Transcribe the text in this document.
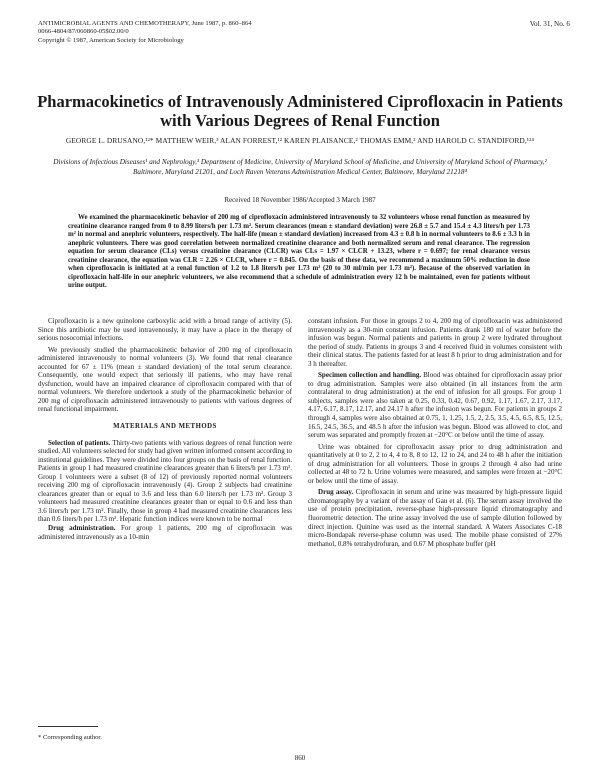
ANTIMICROBIAL AGENTS AND CHEMOTHERAPY, June 1987, p. 860–864
0066-4804/87/060860-05$02.00/0
Copyright © 1987, American Society for Microbiology
Vol. 31, No. 6
Pharmacokinetics of Intravenously Administered Ciprofloxacin in Patients with Various Degrees of Renal Function
GEORGE L. DRUSANO,¹²* MATTHEW WEIR,³ ALAN FORREST,¹² KAREN PLAISANCE,² THOMAS EMM,² AND HAROLD C. STANDIFORD,¹²⁴
Divisions of Infectious Diseases¹ and Nephrology,³ Department of Medicine, University of Maryland School of Medicine, and University of Maryland School of Pharmacy,² Baltimore, Maryland 21201, and Loch Raven Veterans Administration Medical Center, Baltimore, Maryland 21218⁴
Received 18 November 1986/Accepted 3 March 1987
We examined the pharmacokinetic behavior of 200 mg of ciprofloxacin administered intravenously to 32 volunteers whose renal function as measured by creatinine clearance ranged from 0 to 8.99 liters/h per 1.73 m². Serum clearances (mean ± standard deviation) were 26.8 ± 5.7 and 15.4 ± 4.3 liters/h per 1.73 m² in normal and anephric volunteers, respectively. The half-life (mean ± standard deviation) increased from 4.3 ± 0.8 h in normal volunteers to 8.6 ± 3.3 h in anephric volunteers. There was good correlation between normalized creatinine clearance and both normalized serum and renal clearance. The regression equation for serum clearance (CLs) versus creatinine clearance (CLCR) was CLs = 1.97 × CLCR + 13.23, where r = 0.697; for renal clearance versus creatinine clearance, the equation was CLR = 2.26 × CLCR, where r = 0.845. On the basis of these data, we recommend a maximum 50% reduction in dose when ciprofloxacin is initiated at a renal function of 1.2 to 1.8 liters/h per 1.73 m² (20 to 30 ml/min per 1.73 m²). Because of the observed variation in ciprofloxacin half-life in our anephric volunteers, we also recommend that a schedule of administration every 12 h be maintained, even for patients without urine output.

Ciprofloxacin is a new quinolone carboxylic acid with a broad range of activity (5). Since this antibiotic may be used intravenously, it may have a place in the therapy of serious nosocomial infections.

We previously studied the pharmacokinetic behavior of 200 mg of ciprofloxacin administered intravenously to normal volunteers (3). We found that renal clearance accounted for 67 ± 11% (mean ± standard deviation) of the total serum clearance. Consequently, one would expect that seriously ill patients, who may have renal dysfunction, would have an impaired clearance of ciprofloxacin compared with that of normal volunteers. We therefore undertook a study of the pharmacokinetic behavior of 200 mg of ciprofloxacin administered intravenously to patients with various degrees of renal functional impairment.

MATERIALS AND METHODS

Selection of patients. Thirty-two patients with various degrees of renal function were studied. All volunteers selected for study had given written informed consent according to institutional guidelines. They were divided into four groups on the basis of renal function. Patients in group 1 had measured creatinine clearances greater than 6 liters/h per 1.73 m². Group 1 volunteers were a subset (8 of 12) of previously reported normal volunteers receiving 200 mg of ciprofloxacin intravenously (4). Group 2 subjects had creatinine clearances greater than or equal to 3.6 and less than 6.0 liters/h per 1.73 m². Group 3 volunteers had measured creatinine clearances greater than or equal to 0.6 and less than 3.6 liters/h per 1.73 m². Finally, those in group 4 had measured creatinine clearances less than 0.6 liters/h per 1.73 m². Hepatic function indices were known to be normal

Drug administration. For group 1 patients, 200 mg of ciprofloxacin was administered intravenously as a 10-min

* Corresponding author.

constant infusion. For those in groups 2 to 4, 200 mg of ciprofloxacin was administered intravenously as a 30-min constant infusion. Patients drank 180 ml of water before the infusion was begun. Normal patients and patients in group 2 were hydrated throughout the period of study. Patients in groups 3 and 4 received fluid in volumes consistent with their clinical status. The patients fasted for at least 8 h prior to drug administration and for 3 h thereafter.

Specimen collection and handling. Blood was obtained for ciprofloxacin assay prior to drug administration. Samples were also obtained (in all instances from the arm contralateral to drug administration) at the end of infusion for all groups. For group 1 subjects, samples were also taken at 0.25, 0.33, 0.42, 0.67, 0.92, 1.17, 1.67, 2.17, 3.17, 4.17, 6.17, 8.17, 12.17, and 24.17 h after the infusion was begun. For patients in groups 2 through 4, samples were also obtained at 0.75, 1, 1.25, 1.5, 2, 2.5, 3.5, 4.5, 6.5, 8.5, 12.5, 16.5, 24.5, 36.5, and 48.5 h after the infusion was begun. Blood was allowed to clot, and serum was separated and promptly frozen at −20°C or below until the time of assay.

Urine was obtained for ciprofloxacin assay prior to drug administration and quantitatively at 0 to 2, 2 to 4, 4 to 8, 8 to 12, 12 to 24, and 24 to 48 h after the initiation of drug administration for all volunteers. Those in groups 2 through 4 also had urine collected at 48 to 72 h. Urine volumes were measured, and samples were frozen at −20°C or below until the time of assay.

Drug assay. Ciprofloxacin in serum and urine was measured by high-pressure liquid chromatography by a variant of the assay of Gau et al. (6). The serum assay involved the use of protein precipitation, reverse-phase high-pressure liquid chromatography and fluorometric detection. The urine assay involved the use of sample dilution followed by direct injection. Quinine was used as the internal standard. A Waters Associates C-18 micro-Bondapak reverse-phase column was used. The mobile phase consisted of 27% methanol, 0.8% tetrahydrofuran, and 0.67 M phosphate buffer (pH

860
